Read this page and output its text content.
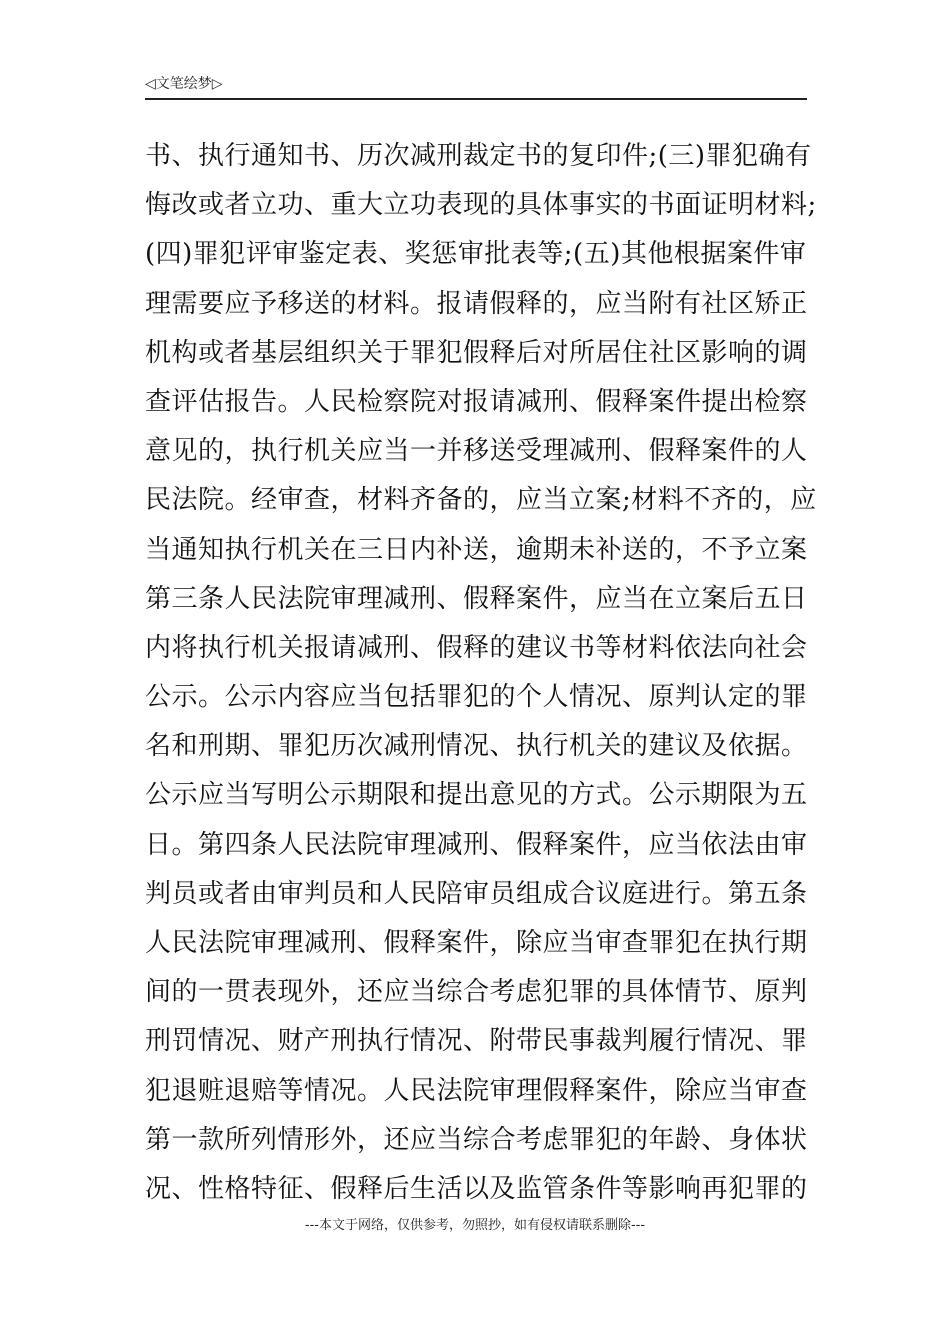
◁文笔绘梦▷
书、执行通知书、历次减刑裁定书的复印件;(三)罪犯确有
悔改或者立功、重大立功表现的具体事实的书面证明材料;
(四)罪犯评审鉴定表、奖惩审批表等;(五)其他根据案件审
理需要应予移送的材料。报请假释的，应当附有社区矫正
机构或者基层组织关于罪犯假释后对所居住社区影响的调
查评估报告。人民检察院对报请减刑、假释案件提出检察
意见的，执行机关应当一并移送受理减刑、假释案件的人
民法院。经审查，材料齐备的，应当立案;材料不齐的，应
当通知执行机关在三日内补送，逾期未补送的，不予立案
第三条人民法院审理减刑、假释案件，应当在立案后五日
内将执行机关报请减刑、假释的建议书等材料依法向社会
公示。公示内容应当包括罪犯的个人情况、原判认定的罪
名和刑期、罪犯历次减刑情况、执行机关的建议及依据。
公示应当写明公示期限和提出意见的方式。公示期限为五
日。第四条人民法院审理减刑、假释案件，应当依法由审
判员或者由审判员和人民陪审员组成合议庭进行。第五条
人民法院审理减刑、假释案件，除应当审查罪犯在执行期
间的一贯表现外，还应当综合考虑犯罪的具体情节、原判
刑罚情况、财产刑执行情况、附带民事裁判履行情况、罪
犯退赃退赔等情况。人民法院审理假释案件，除应当审查
第一款所列情形外，还应当综合考虑罪犯的年龄、身体状
况、性格特征、假释后生活以及监管条件等影响再犯罪的
---本文于网络，仅供参考，勿照抄，如有侵权请联系删除---
